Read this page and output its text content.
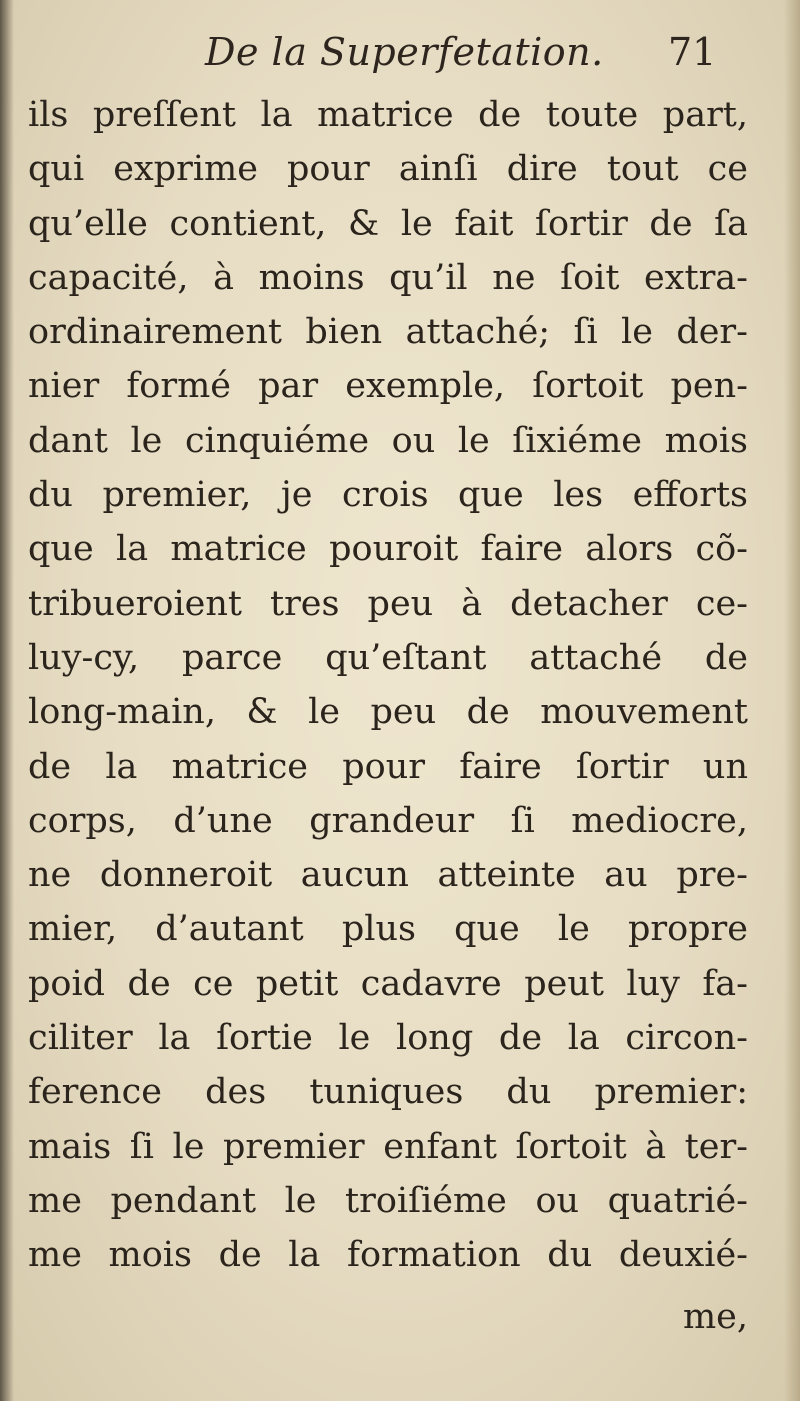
De la Superfetation. 71
ils preſſent la matrice de toute part,
qui exprime pour ainſi dire tout ce
qu’elle contient, & le fait ſortir de ſa
capacité, à moins qu’il ne ſoit extra-
ordinairement bien attaché; ſi le der-
nier formé par exemple, ſortoit pen-
dant le cinquiéme ou le ſixiéme mois
du premier, je crois que les efforts
que la matrice pouroit faire alors cõ-
tribueroient tres peu à detacher ce-
luy-cy, parce qu’eſtant attaché de
long-main, & le peu de mouvement
de la matrice pour faire ſortir un
corps, d’une grandeur ſi mediocre,
ne donneroit aucun atteinte au pre-
mier, d’autant plus que le propre
poid de ce petit cadavre peut luy fa-
ciliter la ſortie le long de la circon-
ference des tuniques du premier:
mais ſi le premier enfant ſortoit à ter-
me pendant le troiſiéme ou quatrié-
me mois de la formation du deuxié-
me,
